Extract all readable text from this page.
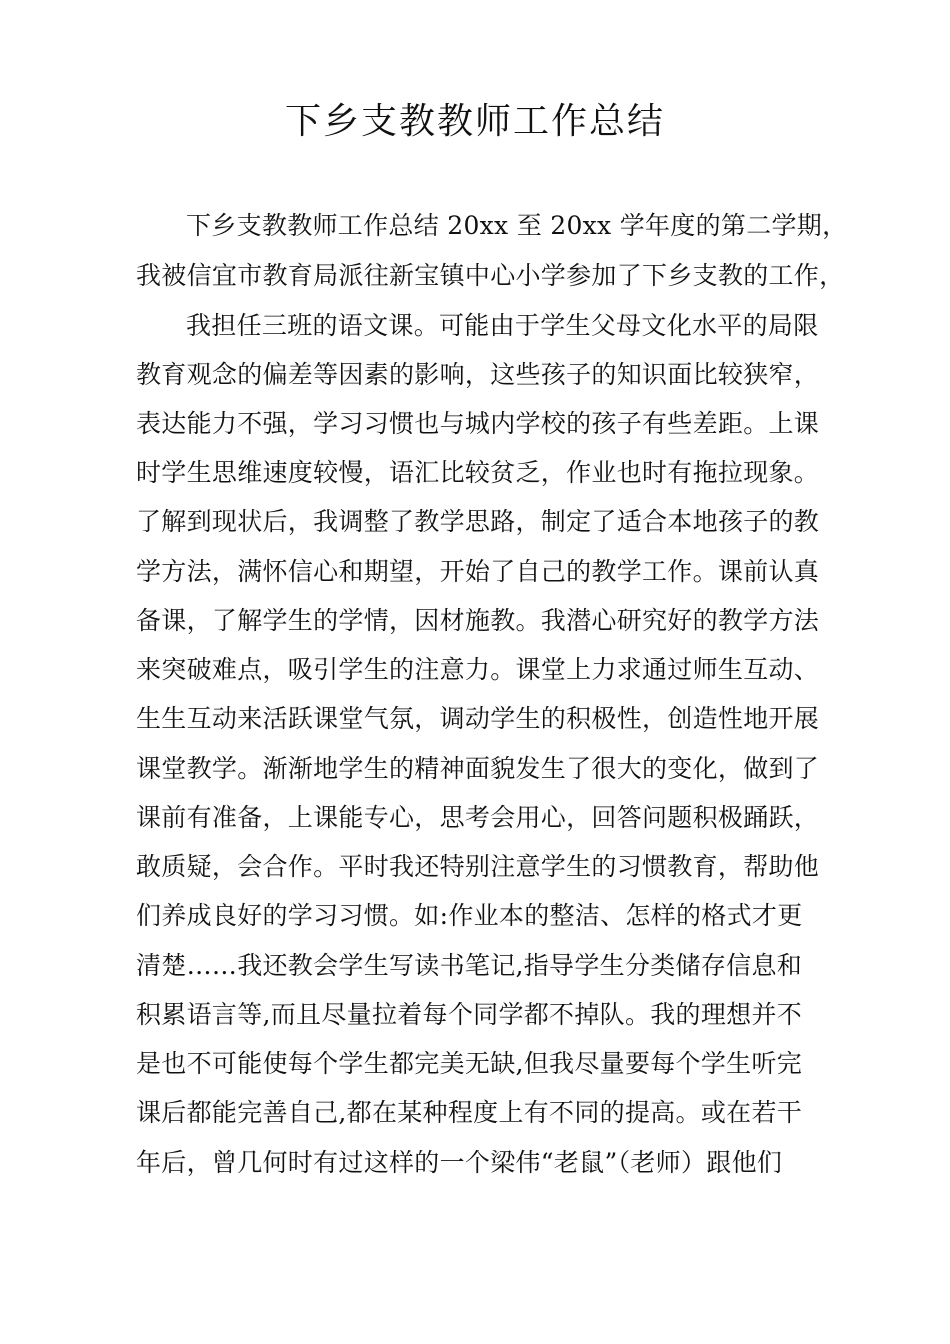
下乡支教教师工作总结
下乡支教教师工作总结 20xx 至 20xx 学年度的第二学期，
我被信宜市教育局派往新宝镇中心小学参加了下乡支教的工作，
我担任三班的语文课。可能由于学生父母文化水平的局限
教育观念的偏差等因素的影响，这些孩子的知识面比较狭窄，
表达能力不强，学习习惯也与城内学校的孩子有些差距。上课
时学生思维速度较慢，语汇比较贫乏，作业也时有拖拉现象。
了解到现状后，我调整了教学思路，制定了适合本地孩子的教
学方法，满怀信心和期望，开始了自己的教学工作。课前认真
备课，了解学生的学情，因材施教。我潜心研究好的教学方法
来突破难点，吸引学生的注意力。课堂上力求通过师生互动、
生生互动来活跃课堂气氛，调动学生的积极性，创造性地开展
课堂教学。渐渐地学生的精神面貌发生了很大的变化，做到了
课前有准备，上课能专心，思考会用心，回答问题积极踊跃，
敢质疑，会合作。平时我还特别注意学生的习惯教育，帮助他
们养成良好的学习习惯。如:作业本的整洁、怎样的格式才更
清楚……我还教会学生写读书笔记,指导学生分类储存信息和
积累语言等,而且尽量拉着每个同学都不掉队。我的理想并不
是也不可能使每个学生都完美无缺,但我尽量要每个学生听完
课后都能完善自己,都在某种程度上有不同的提高。或在若干
年后，曾几何时有过这样的一个梁伟“老鼠”（老师）跟他们
